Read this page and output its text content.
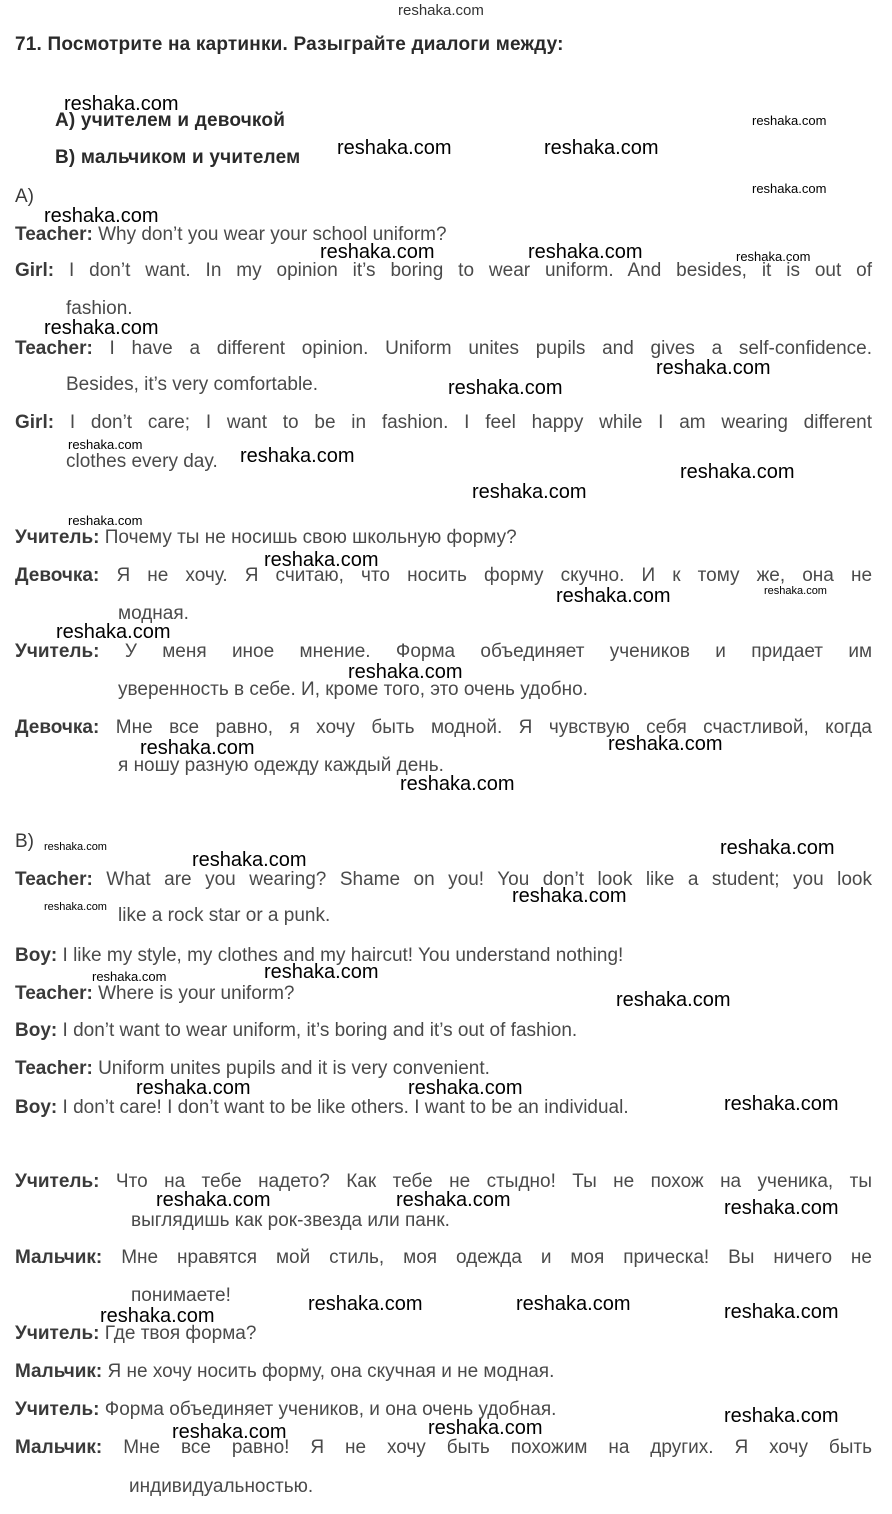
reshaka.com
71. Посмотрите на картинки. Разыграйте диалоги между:
А) учителем и девочкой
В) мальчиком и учителем
А)
Teacher: Why don’t you wear your school uniform?
Girl: I don’t want. In my opinion it’s boring to wear uniform. And besides, it is out of
fashion.
Teacher: I have a different opinion. Uniform unites pupils and gives a self-confidence.
Besides, it’s very comfortable.
Girl: I don’t care; I want to be in fashion. I feel happy while I am wearing different
clothes every day.
Учитель: Почему ты не носишь свою школьную форму?
Девочка: Я не хочу. Я считаю, что носить форму скучно. И к тому же, она не
модная.
Учитель: У меня иное мнение. Форма объединяет учеников и придает им
уверенность в себе. И, кроме того, это очень удобно.
Девочка: Мне все равно, я хочу быть модной. Я чувствую себя счастливой, когда
я ношу разную одежду каждый день.
В)
Teacher: What are you wearing? Shame on you! You don’t look like a student; you look
like a rock star or a punk.
Boy: I like my style, my clothes and my haircut! You understand nothing!
Teacher: Where is your uniform?
Boy: I don’t want to wear uniform, it’s boring and it’s out of fashion.
Teacher: Uniform unites pupils and it is very convenient.
Boy: I don’t care! I don’t want to be like others. I want to be an individual.
Учитель: Что на тебе надето? Как тебе не стыдно! Ты не похож на ученика, ты
выглядишь как рок-звезда или панк.
Мальчик: Мне нравятся мой стиль, моя одежда и моя прическа! Вы ничего не
понимаете!
Учитель: Где твоя форма?
Мальчик: Я не хочу носить форму, она скучная и не модная.
Учитель: Форма объединяет учеников, и она очень удобная.
Мальчик: Мне все равно! Я не хочу быть похожим на других. Я хочу быть
индивидуальностью.
reshaka.com
reshaka.com
reshaka.com	reshaka.com
reshaka.com
reshaka.com
reshaka.com	reshaka.com	reshaka.com
reshaka.com
reshaka.com
reshaka.com
reshaka.com
reshaka.com
reshaka.com
reshaka.com
reshaka.com
reshaka.com
reshaka.com	reshaka.com
reshaka.com
reshaka.com
reshaka.com
reshaka.com
reshaka.com
reshaka.com	reshaka.com
reshaka.com
reshaka.com
reshaka.com
reshaka.com	reshaka.com
reshaka.com
reshaka.com	reshaka.com
reshaka.com
reshaka.com	reshaka.com	reshaka.com
reshaka.com	reshaka.com	reshaka.com
reshaka.com
reshaka.com
reshaka.com
reshaka.com
